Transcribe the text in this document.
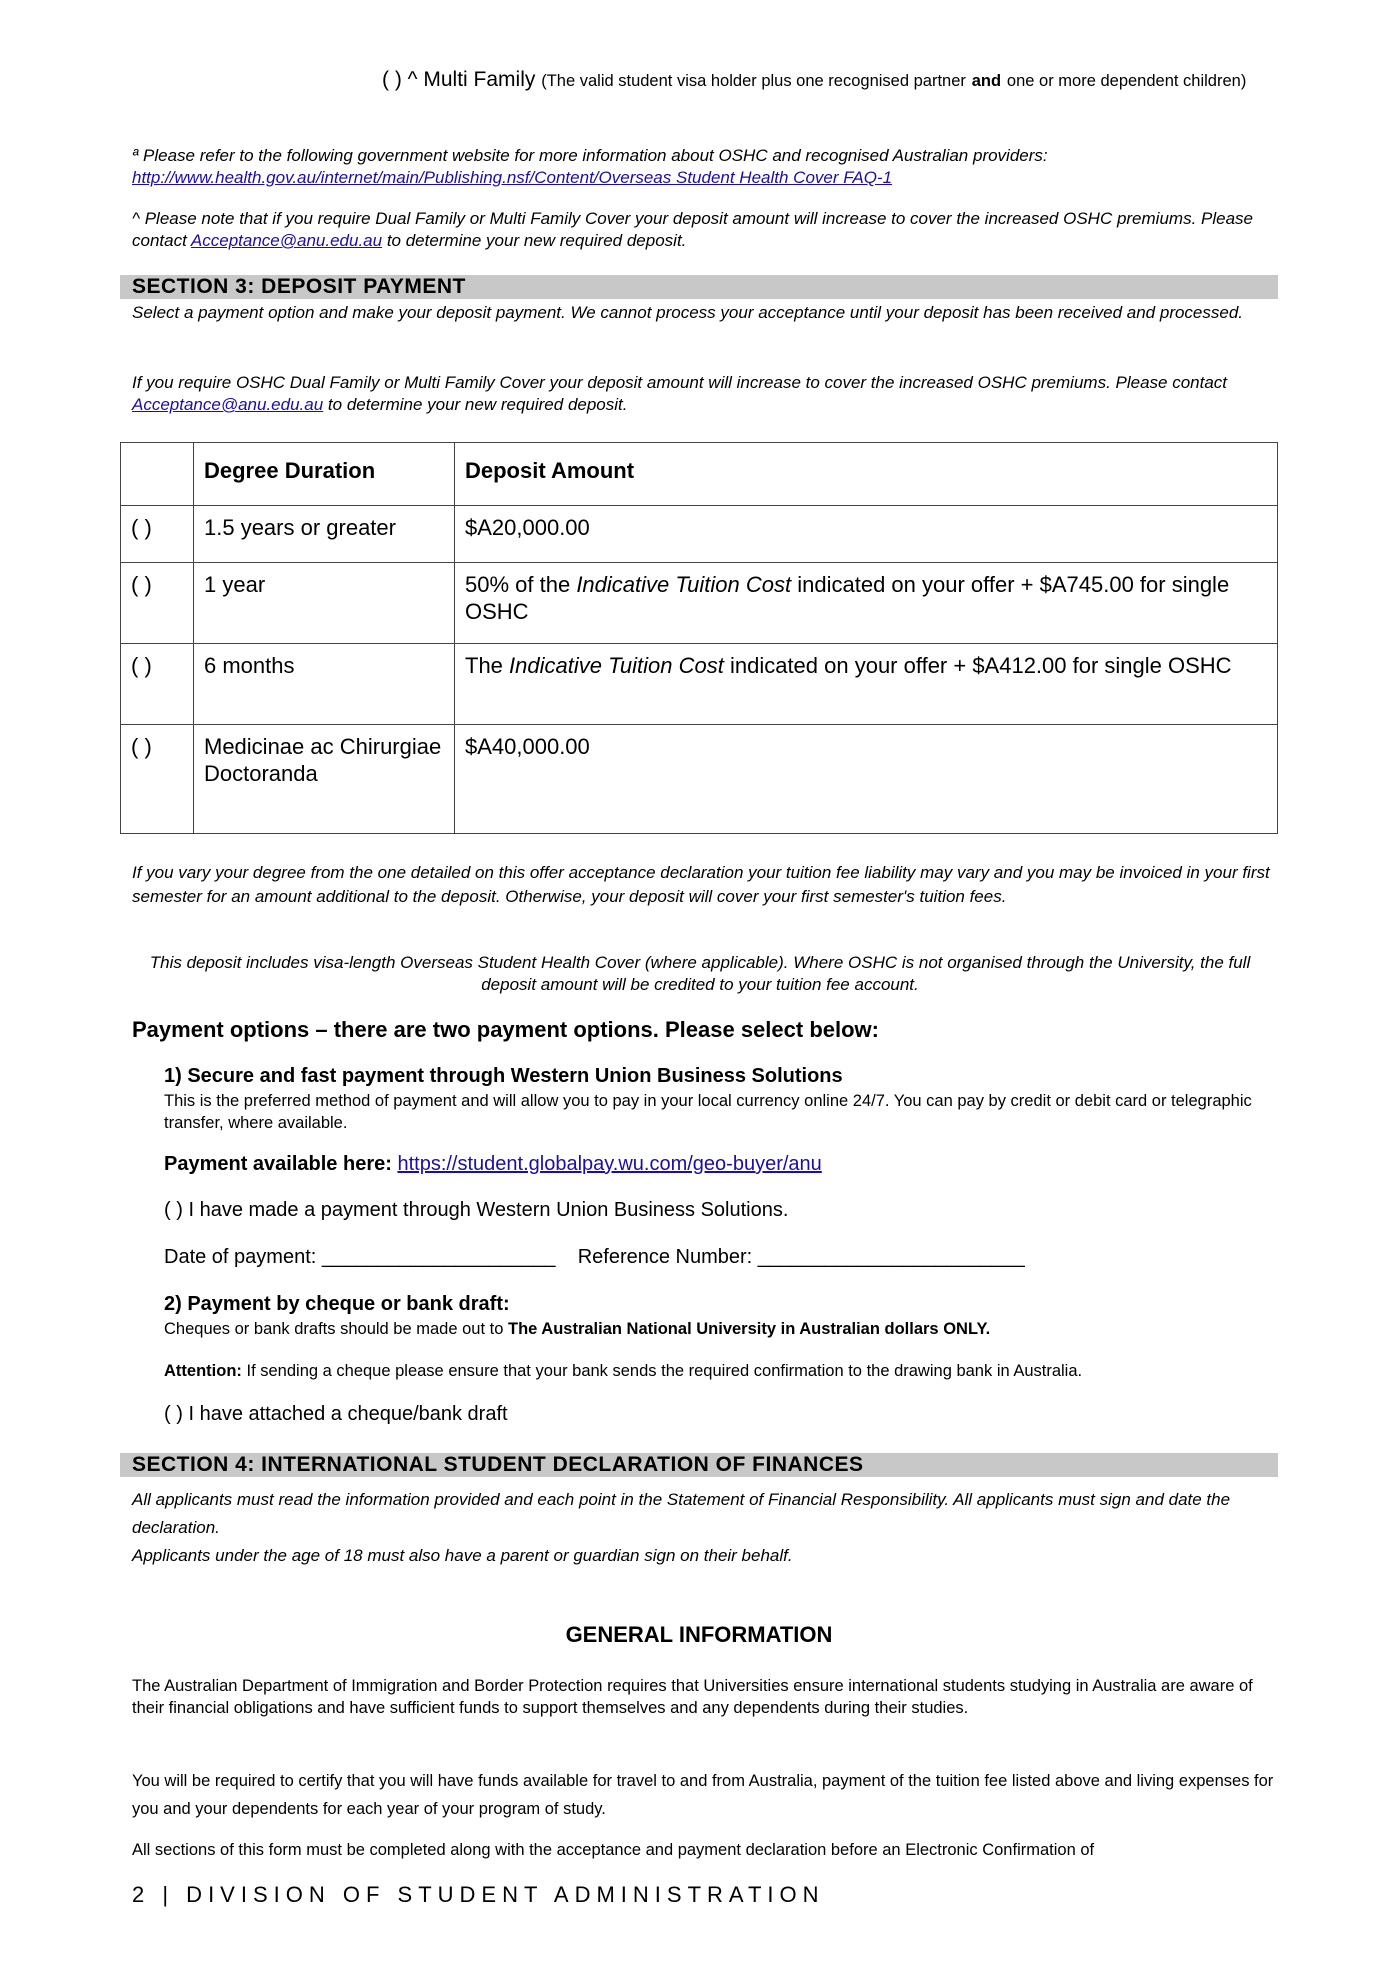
( ) ^ Multi Family (The valid student visa holder plus one recognised partner and one or more dependent children)
ª Please refer to the following government website for more information about OSHC and recognised Australian providers:
http://www.health.gov.au/internet/main/Publishing.nsf/Content/Overseas Student Health Cover FAQ-1
^ Please note that if you require Dual Family or Multi Family Cover your deposit amount will increase to cover the increased OSHC premiums. Please contact Acceptance@anu.edu.au to determine your new required deposit.
SECTION 3: DEPOSIT PAYMENT
Select a payment option and make your deposit payment. We cannot process your acceptance until your deposit has been received and processed.
If you require OSHC Dual Family or Multi Family Cover your deposit amount will increase to cover the increased OSHC premiums. Please contact Acceptance@anu.edu.au to determine your new required deposit.
	Degree Duration	Deposit Amount
( )	1.5 years or greater	$A20,000.00
( )	1 year	50% of the Indicative Tuition Cost indicated on your offer + $A745.00 for single OSHC
( )	6 months	The Indicative Tuition Cost indicated on your offer + $A412.00 for single OSHC
( )	Medicinae ac Chirurgiae Doctoranda	$A40,000.00
If you vary your degree from the one detailed on this offer acceptance declaration your tuition fee liability may vary and you may be invoiced in your first semester for an amount additional to the deposit. Otherwise, your deposit will cover your first semester's tuition fees.
This deposit includes visa-length Overseas Student Health Cover (where applicable). Where OSHC is not organised through the University, the full deposit amount will be credited to your tuition fee account.
Payment options – there are two payment options. Please select below:
1) Secure and fast payment through Western Union Business Solutions
This is the preferred method of payment and will allow you to pay in your local currency online 24/7. You can pay by credit or debit card or telegraphic transfer, where available.
Payment available here: https://student.globalpay.wu.com/geo-buyer/anu
( ) I have made a payment through Western Union Business Solutions.
Date of payment: _____________________ Reference Number: ________________________
2) Payment by cheque or bank draft:
Cheques or bank drafts should be made out to The Australian National University in Australian dollars ONLY.
Attention: If sending a cheque please ensure that your bank sends the required confirmation to the drawing bank in Australia.
( ) I have attached a cheque/bank draft
SECTION 4: INTERNATIONAL STUDENT DECLARATION OF FINANCES
All applicants must read the information provided and each point in the Statement of Financial Responsibility. All applicants must sign and date the declaration.
Applicants under the age of 18 must also have a parent or guardian sign on their behalf.
GENERAL INFORMATION
The Australian Department of Immigration and Border Protection requires that Universities ensure international students studying in Australia are aware of their financial obligations and have sufficient funds to support themselves and any dependents during their studies.
You will be required to certify that you will have funds available for travel to and from Australia, payment of the tuition fee listed above and living expenses for you and your dependents for each year of your program of study.
All sections of this form must be completed along with the acceptance and payment declaration before an Electronic Confirmation of
2 | DIVISION OF STUDENT ADMINISTRATION
